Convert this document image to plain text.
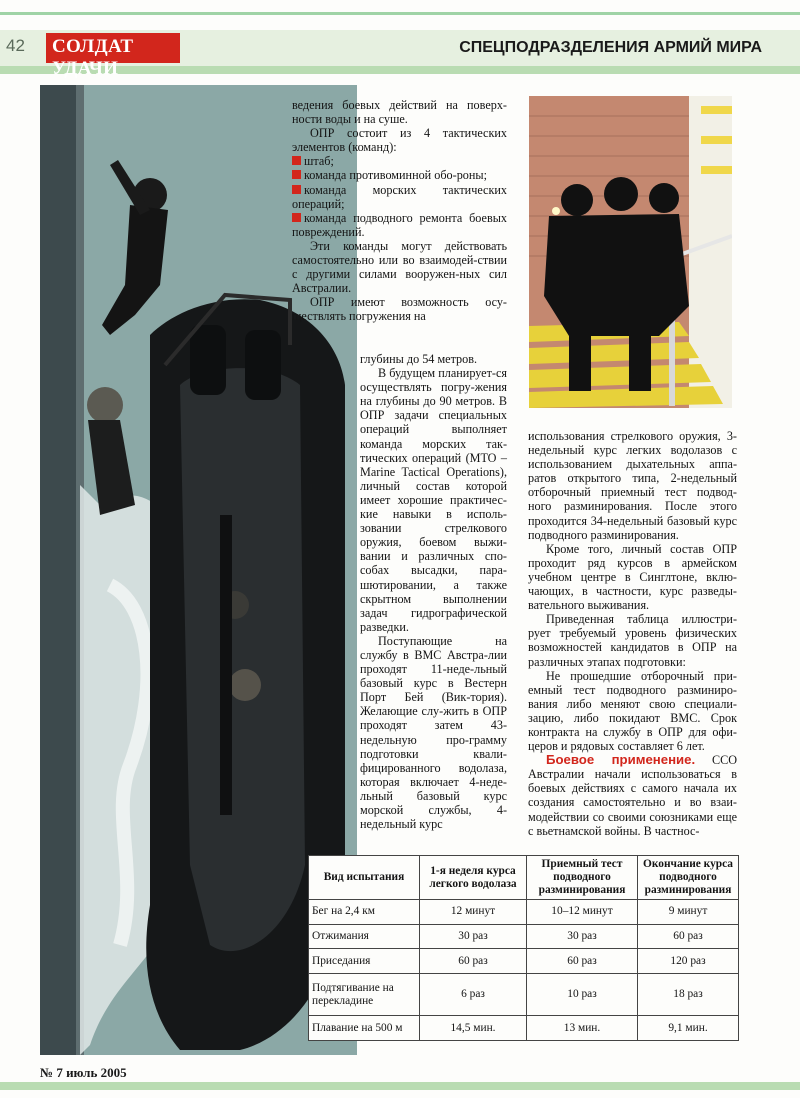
42 СОЛДАТ УДАЧИ
СПЕЦПОДРАЗДЕЛЕНИЯ АРМИЙ МИРА

ведения боевых действий на поверх-ности воды и на суше.

ОПР состоит из 4 тактических элементов (команд):

штаб;

команда противоминной обо-роны;

команда морских тактических операций;

команда подводного ремонта боевых повреждений.

Эти команды могут действовать самостоятельно или во взаимодей-ствии с другими силами вооружен-ных сил Австралии.

ОПР имеют возможность осу-ществлять погружения на

глубины до 54 метров.

В будущем планирует-ся осуществлять погру-жения на глубины до 90 метров. В ОПР задачи специальных операций выполняет команда морских так-тических операций (MTO – Marine Tactical Operations), личный состав которой имеет хорошие практичес-кие навыки в исполь-зовании стрелкового оружия, боевом выжи-вании и различных спо-собах высадки, пара-шютировании, а также скрытном выполнении задач гидрографической разведки.

Поступающие на службу в ВМС Австра-лии проходят 11-неде-льный базовый курс в Вестерн Порт Бей (Вик-тория). Желающие слу-жить в ОПР проходят затем 43-недельную про-грамму подготовки квали-фицированного водолаза, которая включает 4-неде-льный базовый курс морской службы, 4-недельный курс

использования стрелкового оружия, 3-недельный курс легких водолазов с использованием дыхательных аппа-ратов открытого типа, 2-недельный отборочный приемный тест подвод-ного разминирования. После этого проходится 34-недельный базовый курс подводного разминирования.

Кроме того, личный состав ОПР проходит ряд курсов в армейском учебном центре в Синглтоне, вклю-чающих, в частности, курс разведы-вательного выживания.

Приведенная таблица иллюстри-рует требуемый уровень физических возможностей кандидатов в ОПР на различных этапах подготовки:

Не прошедшие отборочный при-емный тест подводного разминиро-вания либо меняют свою специали-зацию, либо покидают ВМС. Срок контракта на службу в ОПР для офи-церов и рядовых составляет 6 лет.

Боевое применение. ССО Австралии начали использоваться в боевых действиях с самого начала их создания самостоятельно и во взаи-модействии со своими союзниками еще с вьетнамской войны. В частнос-

Вид испытания	1-я неделя курса легкого водолаза	Приемный тест подводного разминирования	Окончание курса подводного разминирования
Бег на 2,4 км	12 минут	10–12 минут	9 минут
Отжимания	30 раз	30 раз	60 раз
Приседания	60 раз	60 раз	120 раз
Подтягивание на перекладине	6 раз	10 раз	18 раз
Плавание на 500 м	14,5 мин.	13 мин.	9,1 мин.
№ 7 июль 2005
